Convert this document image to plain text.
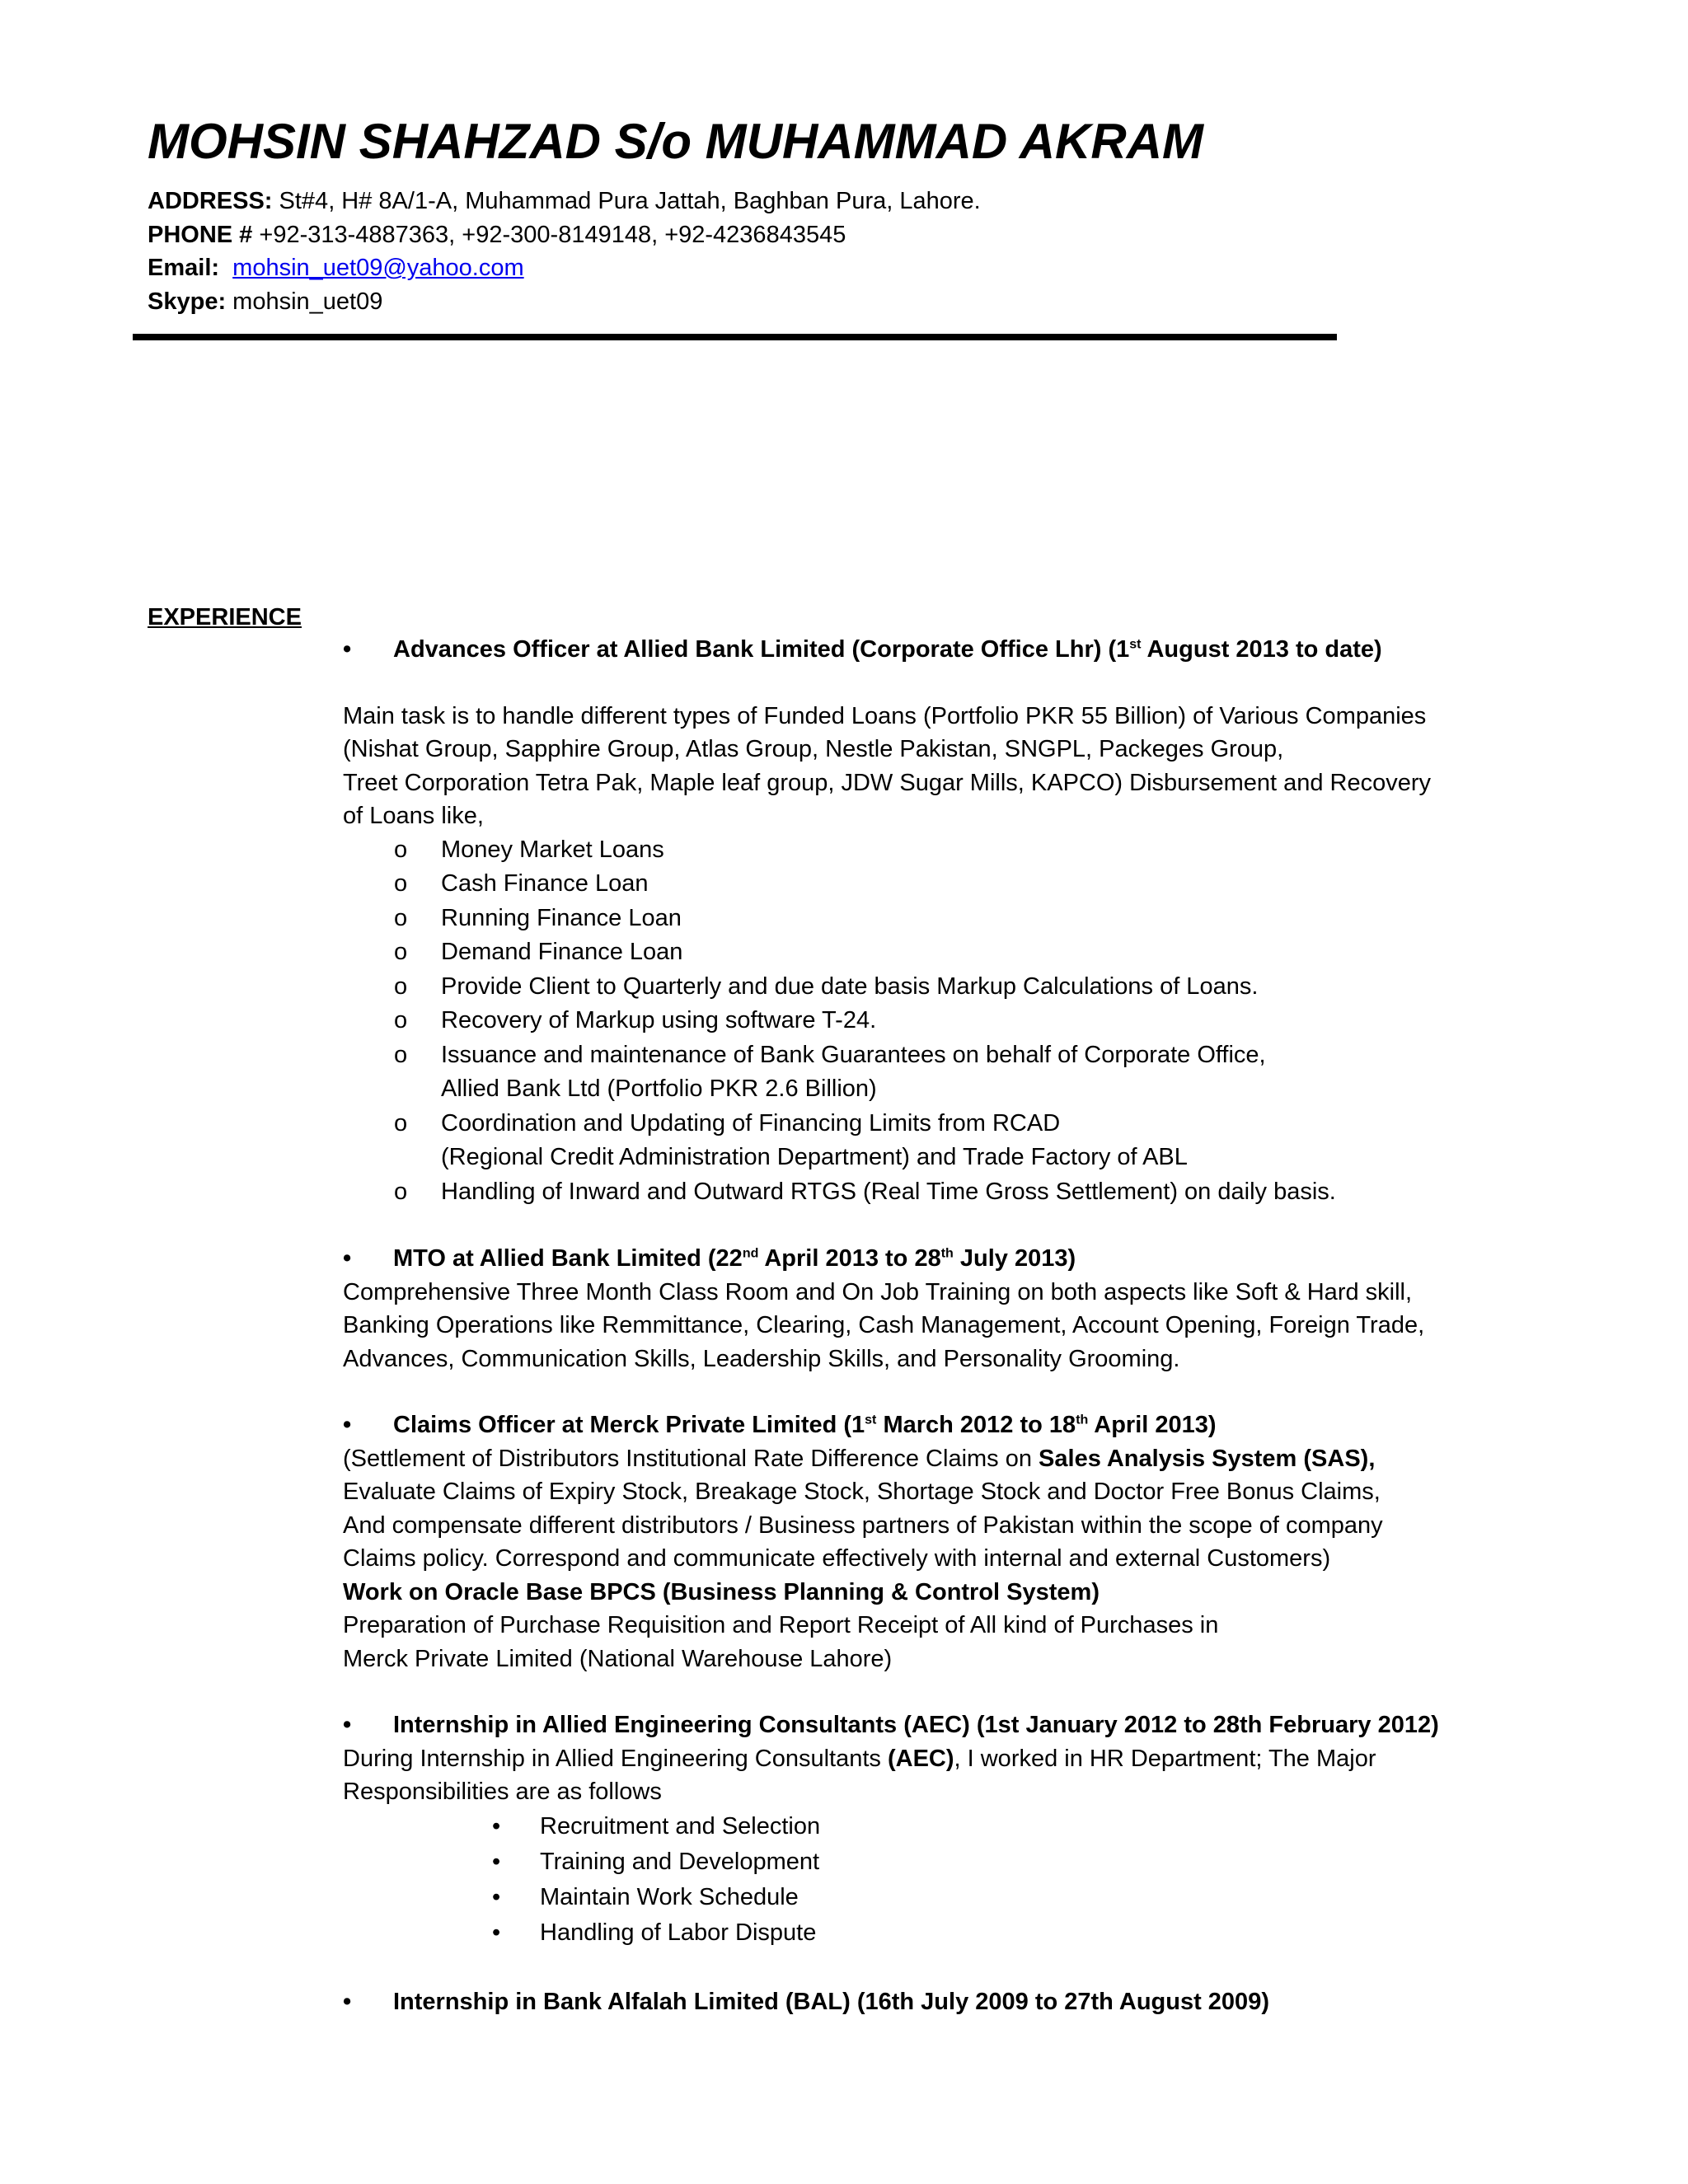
MOHSIN SHAHZAD S/o MUHAMMAD AKRAM
ADDRESS: St#4, H# 8A/1-A, Muhammad Pura Jattah, Baghban Pura, Lahore.
PHONE # +92-313-4887363, +92-300-8149148, +92-4236843545
Email: mohsin_uet09@yahoo.com
Skype: mohsin_uet09
EXPERIENCE
• Advances Officer at Allied Bank Limited (Corporate Office Lhr) (1st August 2013 to date)
Main task is to handle different types of Funded Loans (Portfolio PKR 55 Billion) of Various Companies
(Nishat Group, Sapphire Group, Atlas Group, Nestle Pakistan, SNGPL, Packeges Group,
Treet Corporation Tetra Pak, Maple leaf group, JDW Sugar Mills, KAPCO) Disbursement and Recovery
of Loans like,
o Money Market Loans
o Cash Finance Loan
o Running Finance Loan
o Demand Finance Loan
o Provide Client to Quarterly and due date basis Markup Calculations of Loans.
o Recovery of Markup using software T-24.
o Issuance and maintenance of Bank Guarantees on behalf of Corporate Office,
Allied Bank Ltd (Portfolio PKR 2.6 Billion)
o Coordination and Updating of Financing Limits from RCAD
(Regional Credit Administration Department) and Trade Factory of ABL
o Handling of Inward and Outward RTGS (Real Time Gross Settlement) on daily basis.
• MTO at Allied Bank Limited (22nd April 2013 to 28th July 2013)
Comprehensive Three Month Class Room and On Job Training on both aspects like Soft & Hard skill,
Banking Operations like Remmittance, Clearing, Cash Management, Account Opening, Foreign Trade,
Advances, Communication Skills, Leadership Skills, and Personality Grooming.
• Claims Officer at Merck Private Limited (1st March 2012 to 18th April 2013)
(Settlement of Distributors Institutional Rate Difference Claims on Sales Analysis System (SAS),
Evaluate Claims of Expiry Stock, Breakage Stock, Shortage Stock and Doctor Free Bonus Claims,
And compensate different distributors / Business partners of Pakistan within the scope of company
Claims policy. Correspond and communicate effectively with internal and external Customers)
Work on Oracle Base BPCS (Business Planning & Control System)
Preparation of Purchase Requisition and Report Receipt of All kind of Purchases in
Merck Private Limited (National Warehouse Lahore)
• Internship in Allied Engineering Consultants (AEC) (1st January 2012 to 28th February 2012)
During Internship in Allied Engineering Consultants (AEC), I worked in HR Department; The Major
Responsibilities are as follows
• Recruitment and Selection
• Training and Development
• Maintain Work Schedule
• Handling of Labor Dispute
• Internship in Bank Alfalah Limited (BAL) (16th July 2009 to 27th August 2009)
